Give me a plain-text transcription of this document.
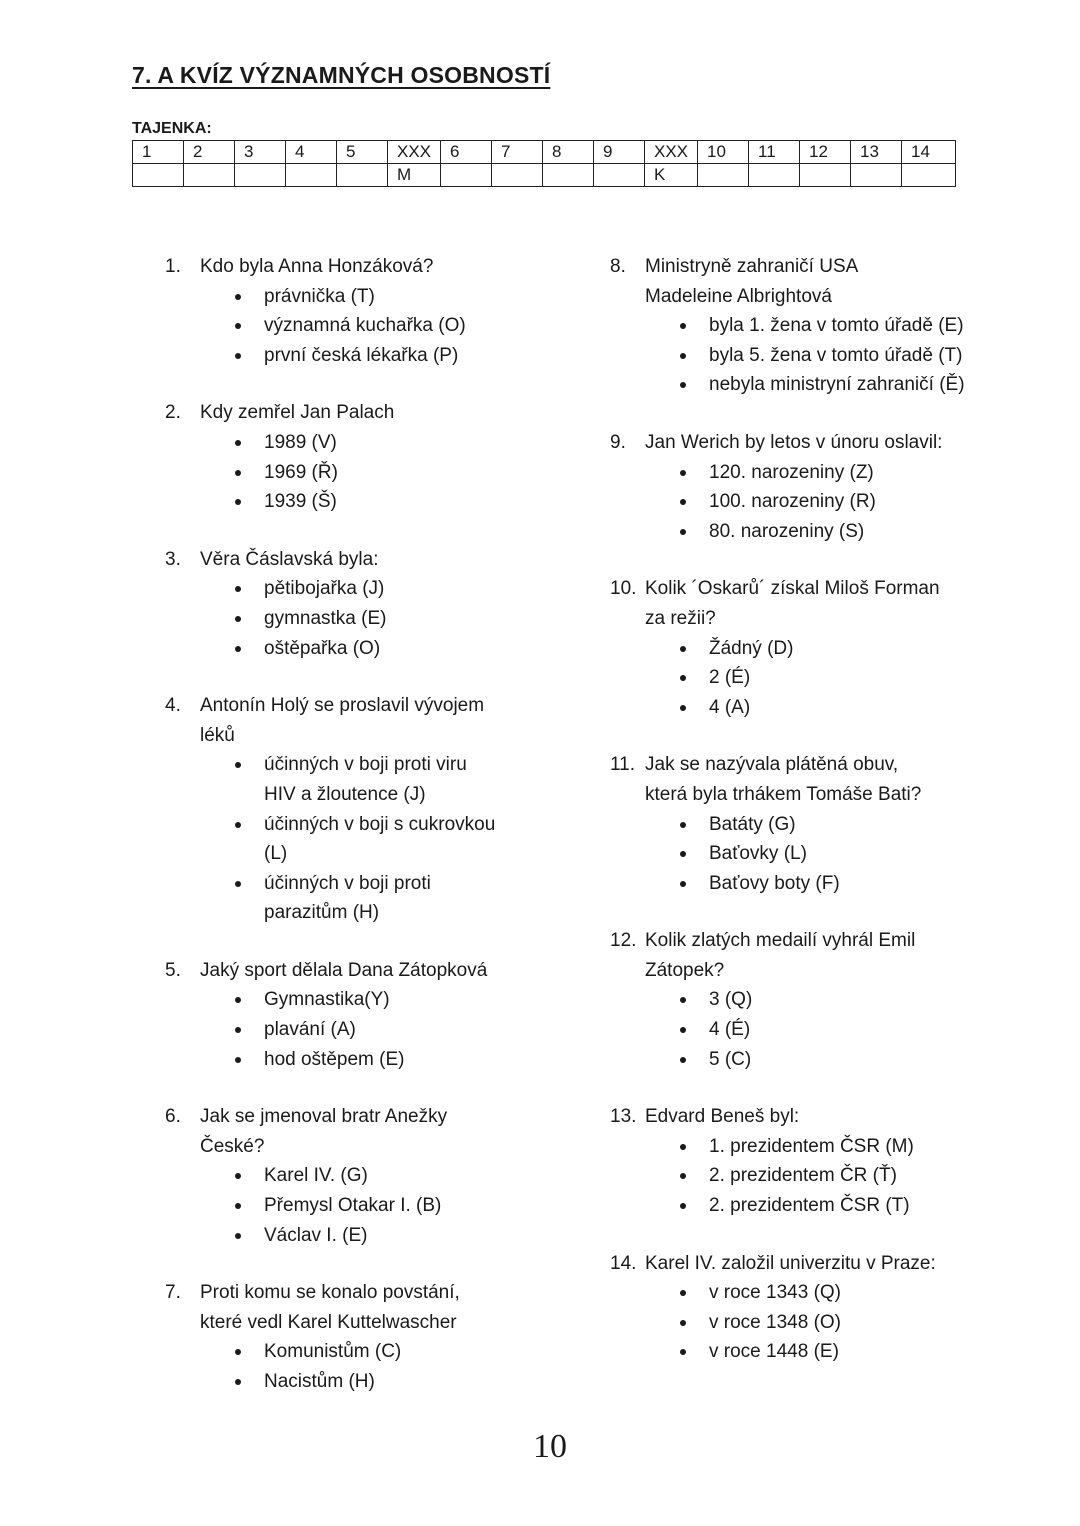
7. A KVÍZ VÝZNAMNÝCH OSOBNOSTÍ
TAJENKA:
1	2	3	4	5	XXX	6	7	8	9	XXX	10	11	12	13	14
					M					K					
1. Kdo byla Anna Honzáková?
právnička (T)
významná kuchařka (O)
první česká lékařka (P)
2. Kdy zemřel Jan Palach
1989 (V)
1969 (Ř)
1939 (Š)
3. Věra Čáslavská byla:
pětibojařka (J)
gymnastka (E)
oštěpařka (O)
4. Antonín Holý se proslavil vývojem
léků
účinných v boji proti viru
HIV a žloutence (J)
účinných v boji s cukrovkou
(L)
účinných v boji proti
parazitům (H)
5. Jaký sport dělala Dana Zátopková
Gymnastika(Y)
plavání (A)
hod oštěpem (E)
6. Jak se jmenoval bratr Anežky
České?
Karel IV. (G)
Přemysl Otakar I. (B)
Václav I. (E)
7. Proti komu se konalo povstání,
které vedl Karel Kuttelwascher
Komunistům (C)
Nacistům (H)
8. Ministryně zahraničí USA
Madeleine Albrightová
byla 1. žena v tomto úřadě (E)
byla 5. žena v tomto úřadě (T)
nebyla ministryní zahraničí (Ě)
9. Jan Werich by letos v únoru oslavil:
120. narozeniny (Z)
100. narozeniny (R)
80. narozeniny (S)
10. Kolik ´Oskarů´ získal Miloš Forman
za režii?
Žádný (D)
2 (É)
4 (A)
11. Jak se nazývala plátěná obuv,
která byla trhákem Tomáše Bati?
Batáty (G)
Baťovky (L)
Baťovy boty (F)
12. Kolik zlatých medailí vyhrál Emil
Zátopek?
3 (Q)
4 (É)
5 (C)
13. Edvard Beneš byl:
1. prezidentem ČSR (M)
2. prezidentem ČR (Ť)
2. prezidentem ČSR (T)
14. Karel IV. založil univerzitu v Praze:
v roce 1343 (Q)
v roce 1348 (O)
v roce 1448 (E)
10
